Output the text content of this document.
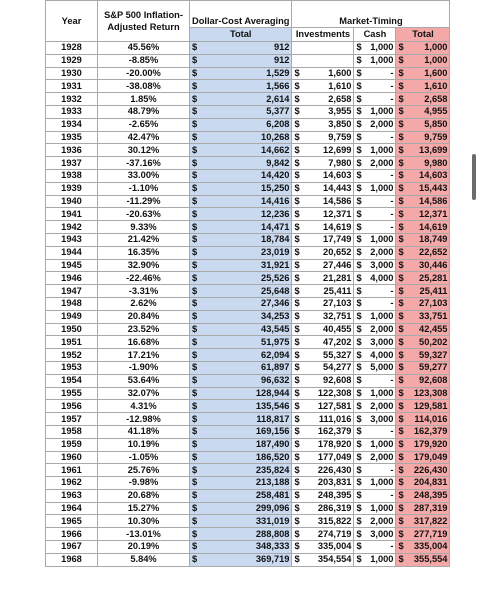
Year	S&P 500 Inflation-Adjusted Return	Dollar-Cost Averaging		Market-Timing			
		Total		Investments		Cash	Total
1928	45.56%	$	912			$ 1,000	$ 1,000

1929	-8.85%	$	912			$ 1,000	$ 1,000

1930	-20.00%	$	1,529	$	1,600	$ -	$ 1,600

1931	-38.08%	$	1,566	$	1,610	$ -	$ 1,610

1932	1.85%	$	2,614	$	2,658	$ -	$ 2,658

1933	48.79%	$	5,377	$	3,955	$ 1,000	$ 4,955

1934	-2.65%	$	6,208	$	3,850	$ 2,000	$ 5,850

1935	42.47%	$	10,268	$	9,759	$ -	$ 9,759

1936	30.12%	$	14,662	$	12,699	$ 1,000	$ 13,699

1937	-37.16%	$	9,842	$	7,980	$ 2,000	$ 9,980

1938	33.00%	$	14,420	$	14,603	$ -	$ 14,603

1939	-1.10%	$	15,250	$	14,443	$ 1,000	$ 15,443

1940	-11.29%	$	14,416	$	14,586	$ -	$ 14,586

1941	-20.63%	$	12,236	$	12,371	$ -	$ 12,371

1942	9.33%	$	14,471	$	14,619	$ -	$ 14,619

1943	21.42%	$	18,784	$	17,749	$ 1,000	$ 18,749

1944	16.35%	$	23,019	$	20,652	$ 2,000	$ 22,652

1945	32.90%	$	31,921	$	27,446	$ 3,000	$ 30,446

1946	-22.46%	$	25,526	$	21,281	$ 4,000	$ 25,281

1947	-3.31%	$	25,648	$	25,411	$ -	$ 25,411

1948	2.62%	$	27,346	$	27,103	$ -	$ 27,103

1949	20.84%	$	34,253	$	32,751	$ 1,000	$ 33,751

1950	23.52%	$	43,545	$	40,455	$ 2,000	$ 42,455

1951	16.68%	$	51,975	$	47,202	$ 3,000	$ 50,202

1952	17.21%	$	62,094	$	55,327	$ 4,000	$ 59,327

1953	-1.90%	$	61,897	$	54,277	$ 5,000	$ 59,277

1954	53.64%	$	96,632	$	92,608	$ -	$ 92,608

1955	32.07%	$	128,944	$	122,308	$ 1,000	$ 123,308

1956	4.31%	$	135,546	$	127,581	$ 2,000	$ 129,581

1957	-12.98%	$	118,817	$	111,016	$ 3,000	$ 114,016

1958	41.18%	$	169,156	$	162,379	$ -	$ 162,379

1959	10.19%	$	187,490	$	178,920	$ 1,000	$ 179,920

1960	-1.05%	$	186,520	$	177,049	$ 2,000	$ 179,049

1961	25.76%	$	235,824	$	226,430	$ -	$ 226,430

1962	-9.98%	$	213,188	$	203,831	$ 1,000	$ 204,831

1963	20.68%	$	258,481	$	248,395	$ -	$ 248,395

1964	15.27%	$	299,096	$	286,319	$ 1,000	$ 287,319

1965	10.30%	$	331,019	$	315,822	$ 2,000	$ 317,822

1966	-13.01%	$	288,808	$	274,719	$ 3,000	$ 277,719

1967	20.19%	$	348,333	$	335,004	$ -	$ 335,004

1968	5.84%	$	369,719	$	354,554	$ 1,000	$ 355,554
